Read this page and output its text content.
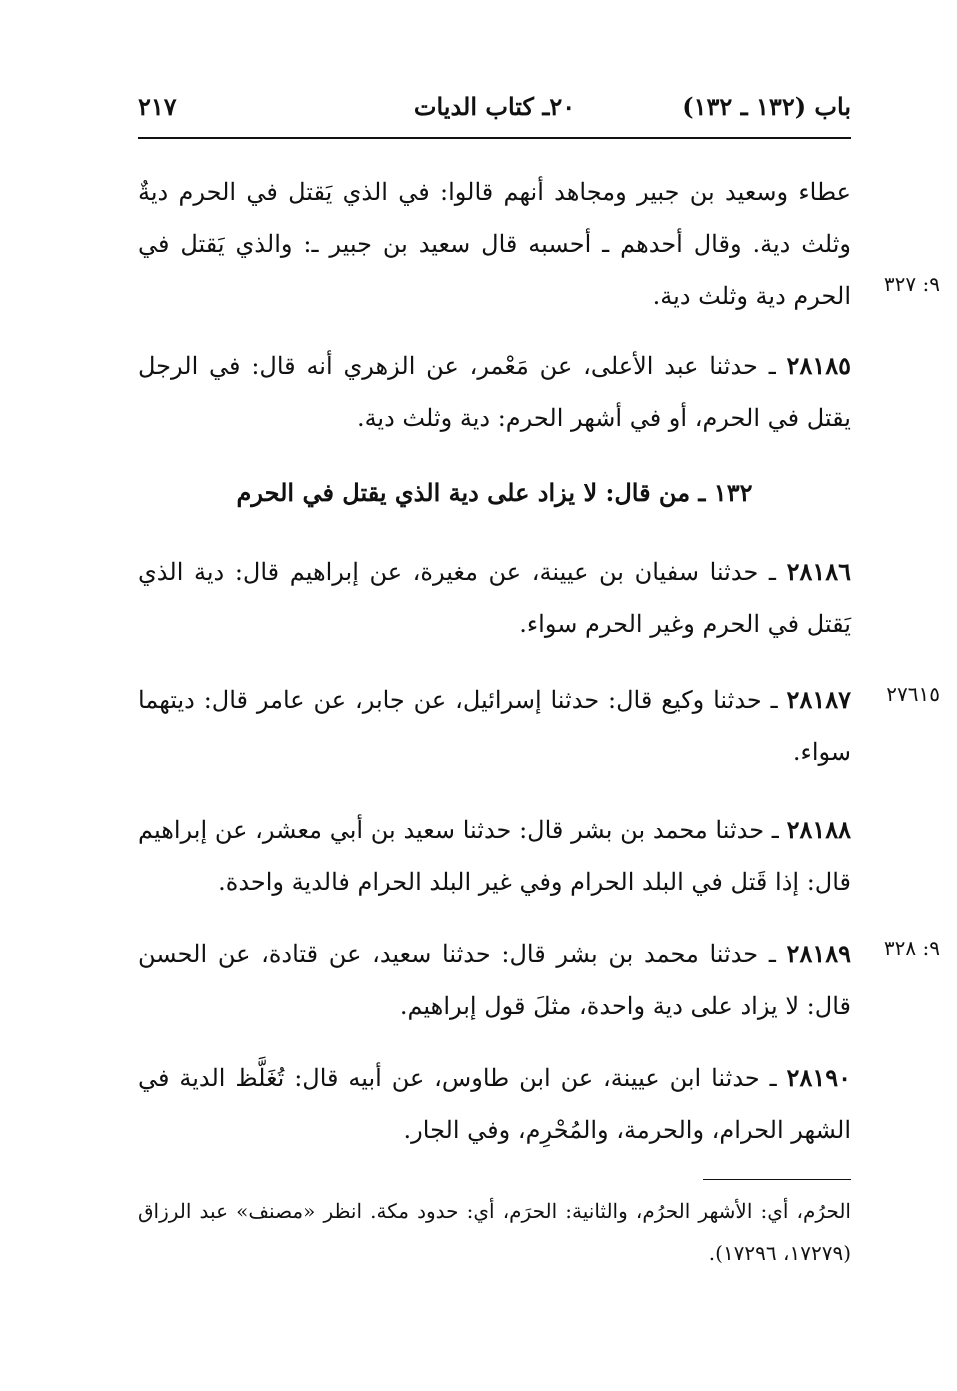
باب (١٣٢ ـ ١٣٢)
٢٠ـ كتاب الديات
٢١٧
عطاء وسعيد بن جبير ومجاهد أنهم قالوا: في الذي يَقتل في الحرم ديةٌ وثلث دية. وقال أحدهم ـ أحسبه قال سعيد بن جبير ـ: والذي يَقتل في الحرم دية وثلث دية.	٩: ٣٢٧
٢٨١٨٥ ـ حدثنا عبد الأعلى، عن مَعْمر، عن الزهري أنه قال: في الرجل يقتل في الحرم، أو في أشهر الحرم: دية وثلث دية.
١٣٢ ـ من قال: لا يزاد على دية الذي يقتل في الحرم
٢٨١٨٦ ـ حدثنا سفيان بن عيينة، عن مغيرة، عن إبراهيم قال: دية الذي يَقتل في الحرم وغير الحرم سواء.
٢٨١٨٧ ـ حدثنا وكيع قال: حدثنا إسرائيل، عن جابر، عن عامر قال: ديتهما سواء.
٢٧٦١٥
٢٨١٨٨ ـ حدثنا محمد بن بشر قال: حدثنا سعيد بن أبي معشر، عن إبراهيم قال: إذا قَتل في البلد الحرام وفي غير البلد الحرام فالدية واحدة.
٢٨١٨٩ ـ حدثنا محمد بن بشر قال: حدثنا سعيد، عن قتادة، عن الحسن قال: لا يزاد على دية واحدة، مثلَ قول إبراهيم.
٩: ٣٢٨
٢٨١٩٠ ـ حدثنا ابن عيينة، عن ابن طاوس، عن أبيه قال: تُغَلَّظ الدية في الشهر الحرام، والحرمة، والمُحْرِم، وفي الجار.
الحرُم، أي: الأشهر الحرُم، والثانية: الحرَم، أي: حدود مكة. انظر «مصنف» عبد الرزاق (١٧٢٧٩، ١٧٢٩٦).
